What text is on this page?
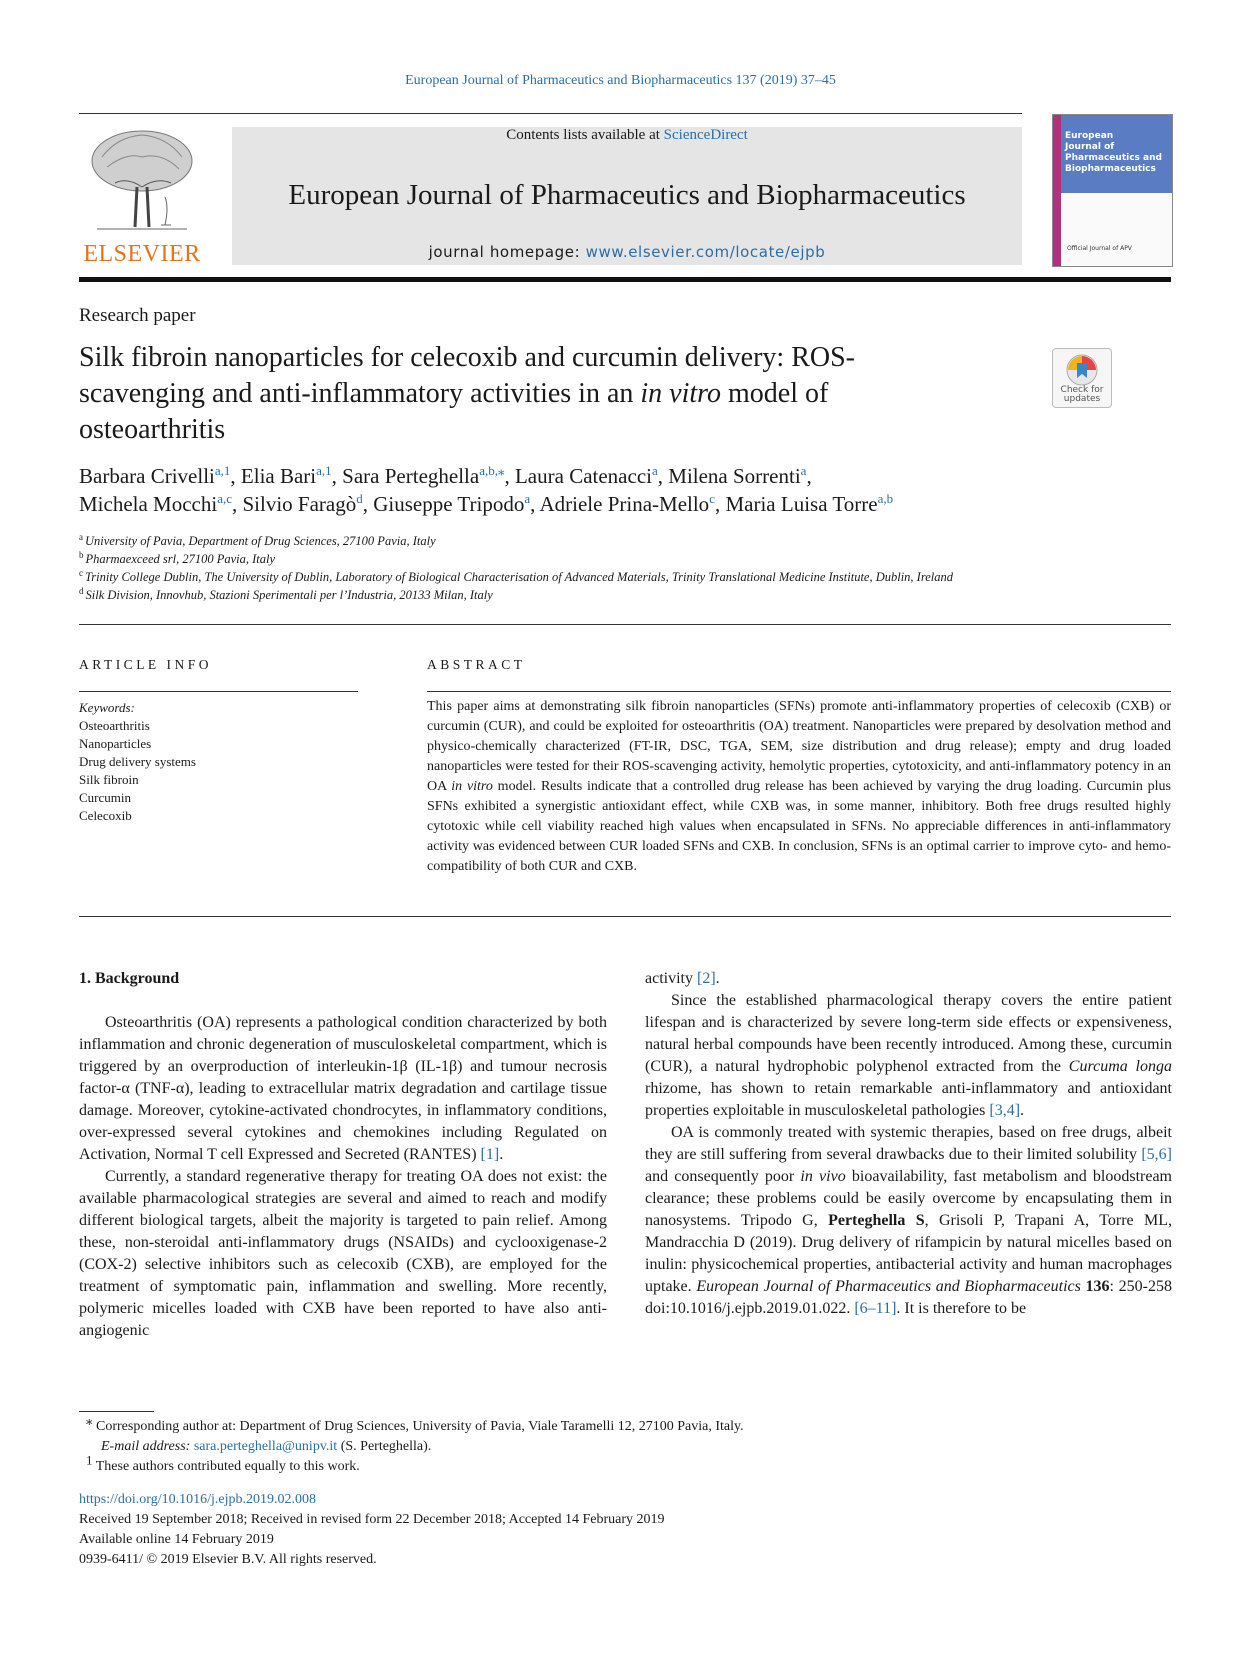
European Journal of Pharmaceutics and Biopharmaceutics 137 (2019) 37–45
ELSEVIER
Contents lists available at ScienceDirect
European Journal of Pharmaceutics and Biopharmaceutics
journal homepage: www.elsevier.com/locate/ejpb
European
Journal of
Pharmaceutics and
Biopharmaceutics
Official Journal of APV
Research paper
Silk fibroin nanoparticles for celecoxib and curcumin delivery: ROS-scavenging and anti-inflammatory activities in an in vitro model of osteoarthritis
Check for updates
Barbara Crivelli$^{a,1}$, Elia Bari$^{a,1}$, Sara Perteghella$^{a,b,⁎}$, Laura Catenacci$^a$, Milena Sorrenti$^a$,
Michela Mocchi$^{a,c}$, Silvio Faragò$^d$, Giuseppe Tripodo$^a$, Adriele Prina-Mello$^c$, Maria Luisa Torre$^{a,b}$
$^a$ University of Pavia, Department of Drug Sciences, 27100 Pavia, Italy
$^b$ Pharmaexceed srl, 27100 Pavia, Italy
$^c$ Trinity College Dublin, The University of Dublin, Laboratory of Biological Characterisation of Advanced Materials, Trinity Translational Medicine Institute, Dublin, Ireland
$^d$ Silk Division, Innovhub, Stazioni Sperimentali per l’Industria, 20133 Milan, Italy
ARTICLE INFO
Keywords:
Osteoarthritis
Nanoparticles
Drug delivery systems
Silk fibroin
Curcumin
Celecoxib
ABSTRACT
This paper aims at demonstrating silk fibroin nanoparticles (SFNs) promote anti-inflammatory properties of celecoxib (CXB) or curcumin (CUR), and could be exploited for osteoarthritis (OA) treatment. Nanoparticles were prepared by desolvation method and physico-chemically characterized (FT-IR, DSC, TGA, SEM, size distribution and drug release); empty and drug loaded nanoparticles were tested for their ROS-scavenging activity, hemolytic properties, cytotoxicity, and anti-inflammatory potency in an OA in vitro model. Results indicate that a controlled drug release has been achieved by varying the drug loading. Curcumin plus SFNs exhibited a synergistic antioxidant effect, while CXB was, in some manner, inhibitory. Both free drugs resulted highly cytotoxic while cell viability reached high values when encapsulated in SFNs. No appreciable differences in anti-inflammatory activity was evidenced between CUR loaded SFNs and CXB. In conclusion, SFNs is an optimal carrier to improve cyto- and hemo-compatibility of both CUR and CXB.

1. Background

Osteoarthritis (OA) represents a pathological condition characterized by both inflammation and chronic degeneration of musculoskeletal compartment, which is triggered by an overproduction of interleukin-1β (IL-1β) and tumour necrosis factor-α (TNF-α), leading to extracellular matrix degradation and cartilage tissue damage. Moreover, cytokine-activated chondrocytes, in inflammatory conditions, over-expressed several cytokines and chemokines including Regulated on Activation, Normal T cell Expressed and Secreted (RANTES) [1].

Currently, a standard regenerative therapy for treating OA does not exist: the available pharmacological strategies are several and aimed to reach and modify different biological targets, albeit the majority is targeted to pain relief. Among these, non-steroidal anti-inflammatory drugs (NSAIDs) and cyclooxigenase-2 (COX-2) selective inhibitors such as celecoxib (CXB), are employed for the treatment of symptomatic pain, inflammation and swelling. More recently, polymeric micelles loaded with CXB have been reported to have also anti-angiogenic

activity [2].

Since the established pharmacological therapy covers the entire patient lifespan and is characterized by severe long-term side effects or expensiveness, natural herbal compounds have been recently introduced. Among these, curcumin (CUR), a natural hydrophobic polyphenol extracted from the Curcuma longa rhizome, has shown to retain remarkable anti-inflammatory and antioxidant properties exploitable in musculoskeletal pathologies [3,4].

OA is commonly treated with systemic therapies, based on free drugs, albeit they are still suffering from several drawbacks due to their limited solubility [5,6] and consequently poor in vivo bioavailability, fast metabolism and bloodstream clearance; these problems could be easily overcome by encapsulating them in nanosystems. Tripodo G, Perteghella S, Grisoli P, Trapani A, Torre ML, Mandracchia D (2019). Drug delivery of rifampicin by natural micelles based on inulin: physicochemical properties, antibacterial activity and human macrophages uptake. European Journal of Pharmaceutics and Biopharmaceutics 136: 250-258 doi:10.1016/j.ejpb.2019.01.022. [6–11]. It is therefore to be

⁎ Corresponding author at: Department of Drug Sciences, University of Pavia, Viale Taramelli 12, 27100 Pavia, Italy.
E-mail address: sara.perteghella@unipv.it (S. Perteghella).
$^1$ These authors contributed equally to this work.
https://doi.org/10.1016/j.ejpb.2019.02.008
Received 19 September 2018; Received in revised form 22 December 2018; Accepted 14 February 2019
Available online 14 February 2019
0939-6411/ © 2019 Elsevier B.V. All rights reserved.
